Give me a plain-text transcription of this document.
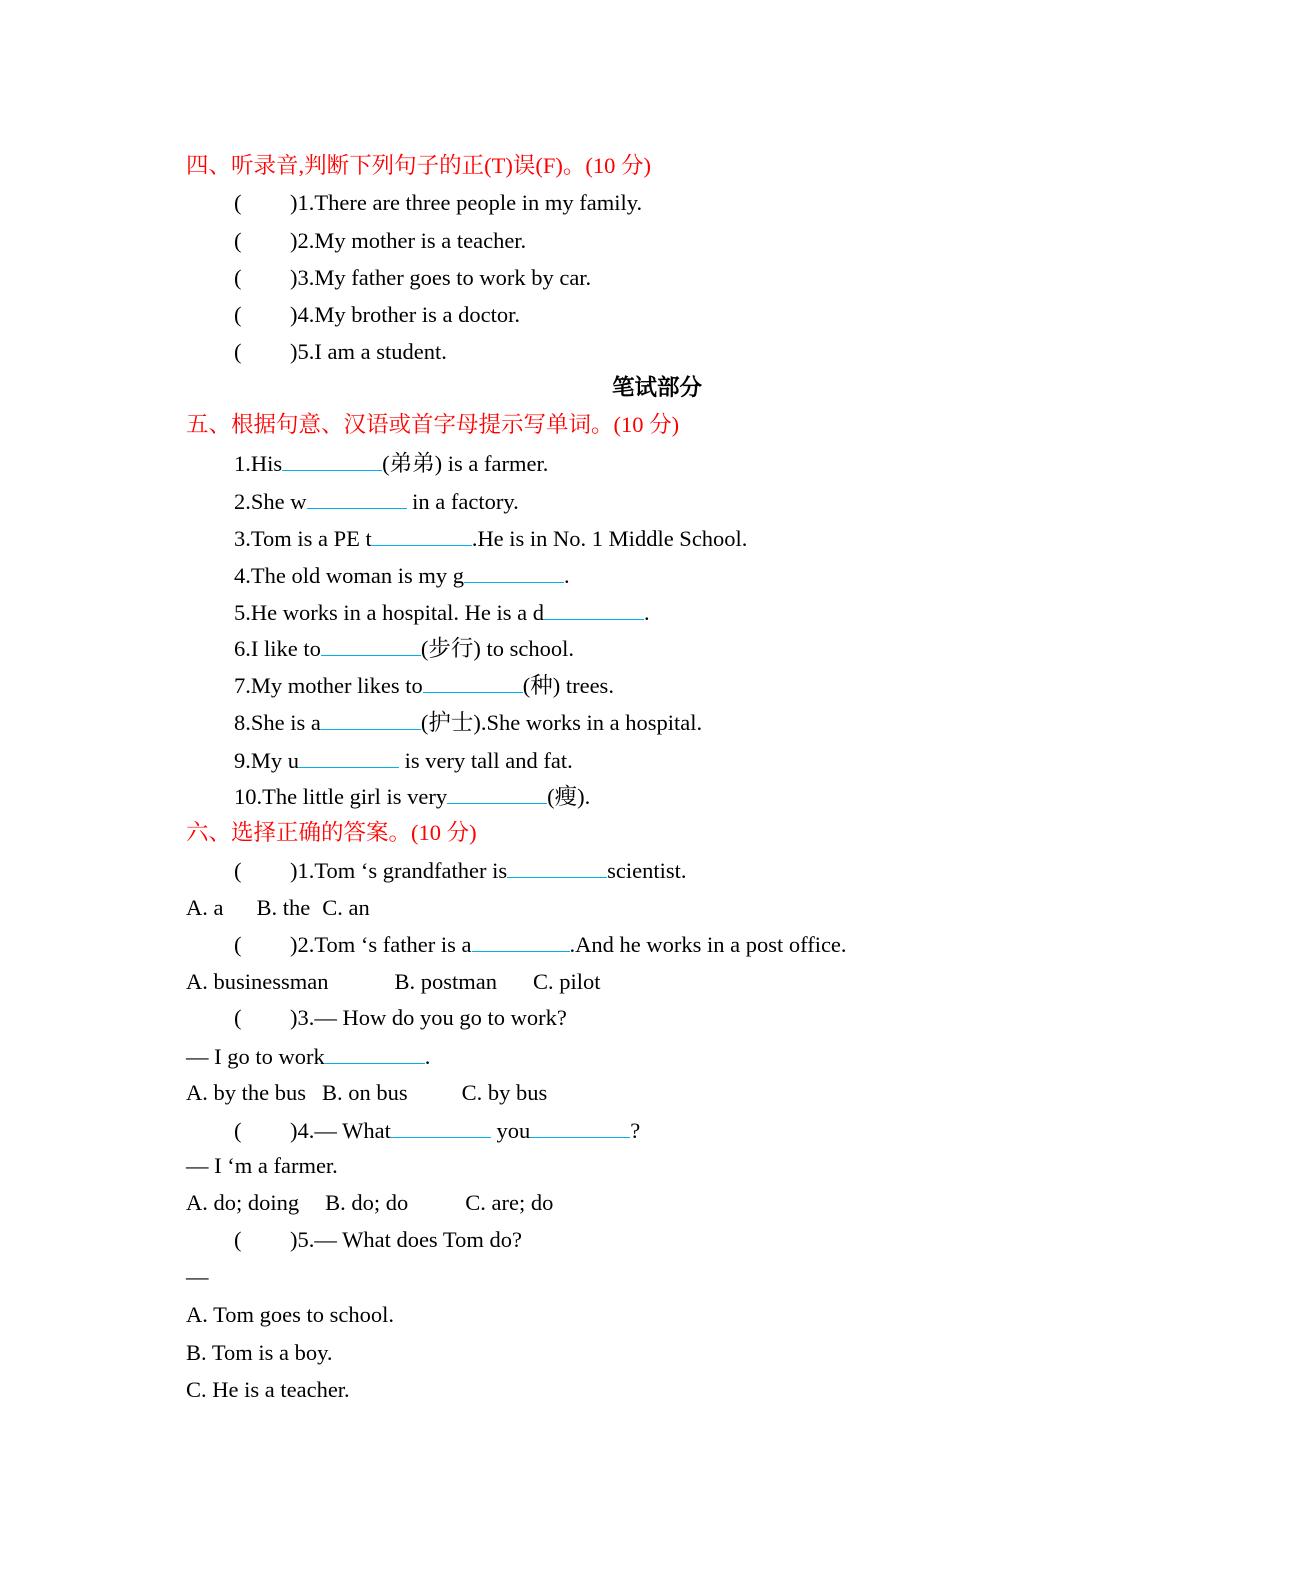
四、听录音,判断下列句子的正(T)误(F)。(10 分)
( )1.There are three people in my family.
( )2.My mother is a teacher.
( )3.My father goes to work by car.
( )4.My brother is a doctor.
( )5.I am a student.
笔试部分
五、根据句意、汉语或首字母提示写单词。(10 分)
1.His	(弟弟) is a farmer.
2.She w	in a factory.
3.Tom is a PE t	.He is in No. 1 Middle School.
4.The old woman is my g	.
5.He works in a hospital. He is a d	.
6.I like to	(步行) to school.
7.My mother likes to	(种) trees.
8.She is a	(护士).She works in a hospital.
9.My u	is very tall and fat.
10.The little girl is very	(瘦).
六、选择正确的答案。(10 分)
( )1.Tom ‘s grandfather is	scientist.
A. a B. the C. an
( )2.Tom ‘s father is a	.And he works in a post office.
A. businessman	B. postman C. pilot
( )3.— How do you go to work?
— I go to work	.
A. by the bus B. on bus C. by bus
( )4.— What	you	?
— I ‘m a farmer.
A. do; doing B. do; do	C. are; do
( )5.— What does Tom do?
—
A. Tom goes to school.
B. Tom is a boy.
C. He is a teacher.
